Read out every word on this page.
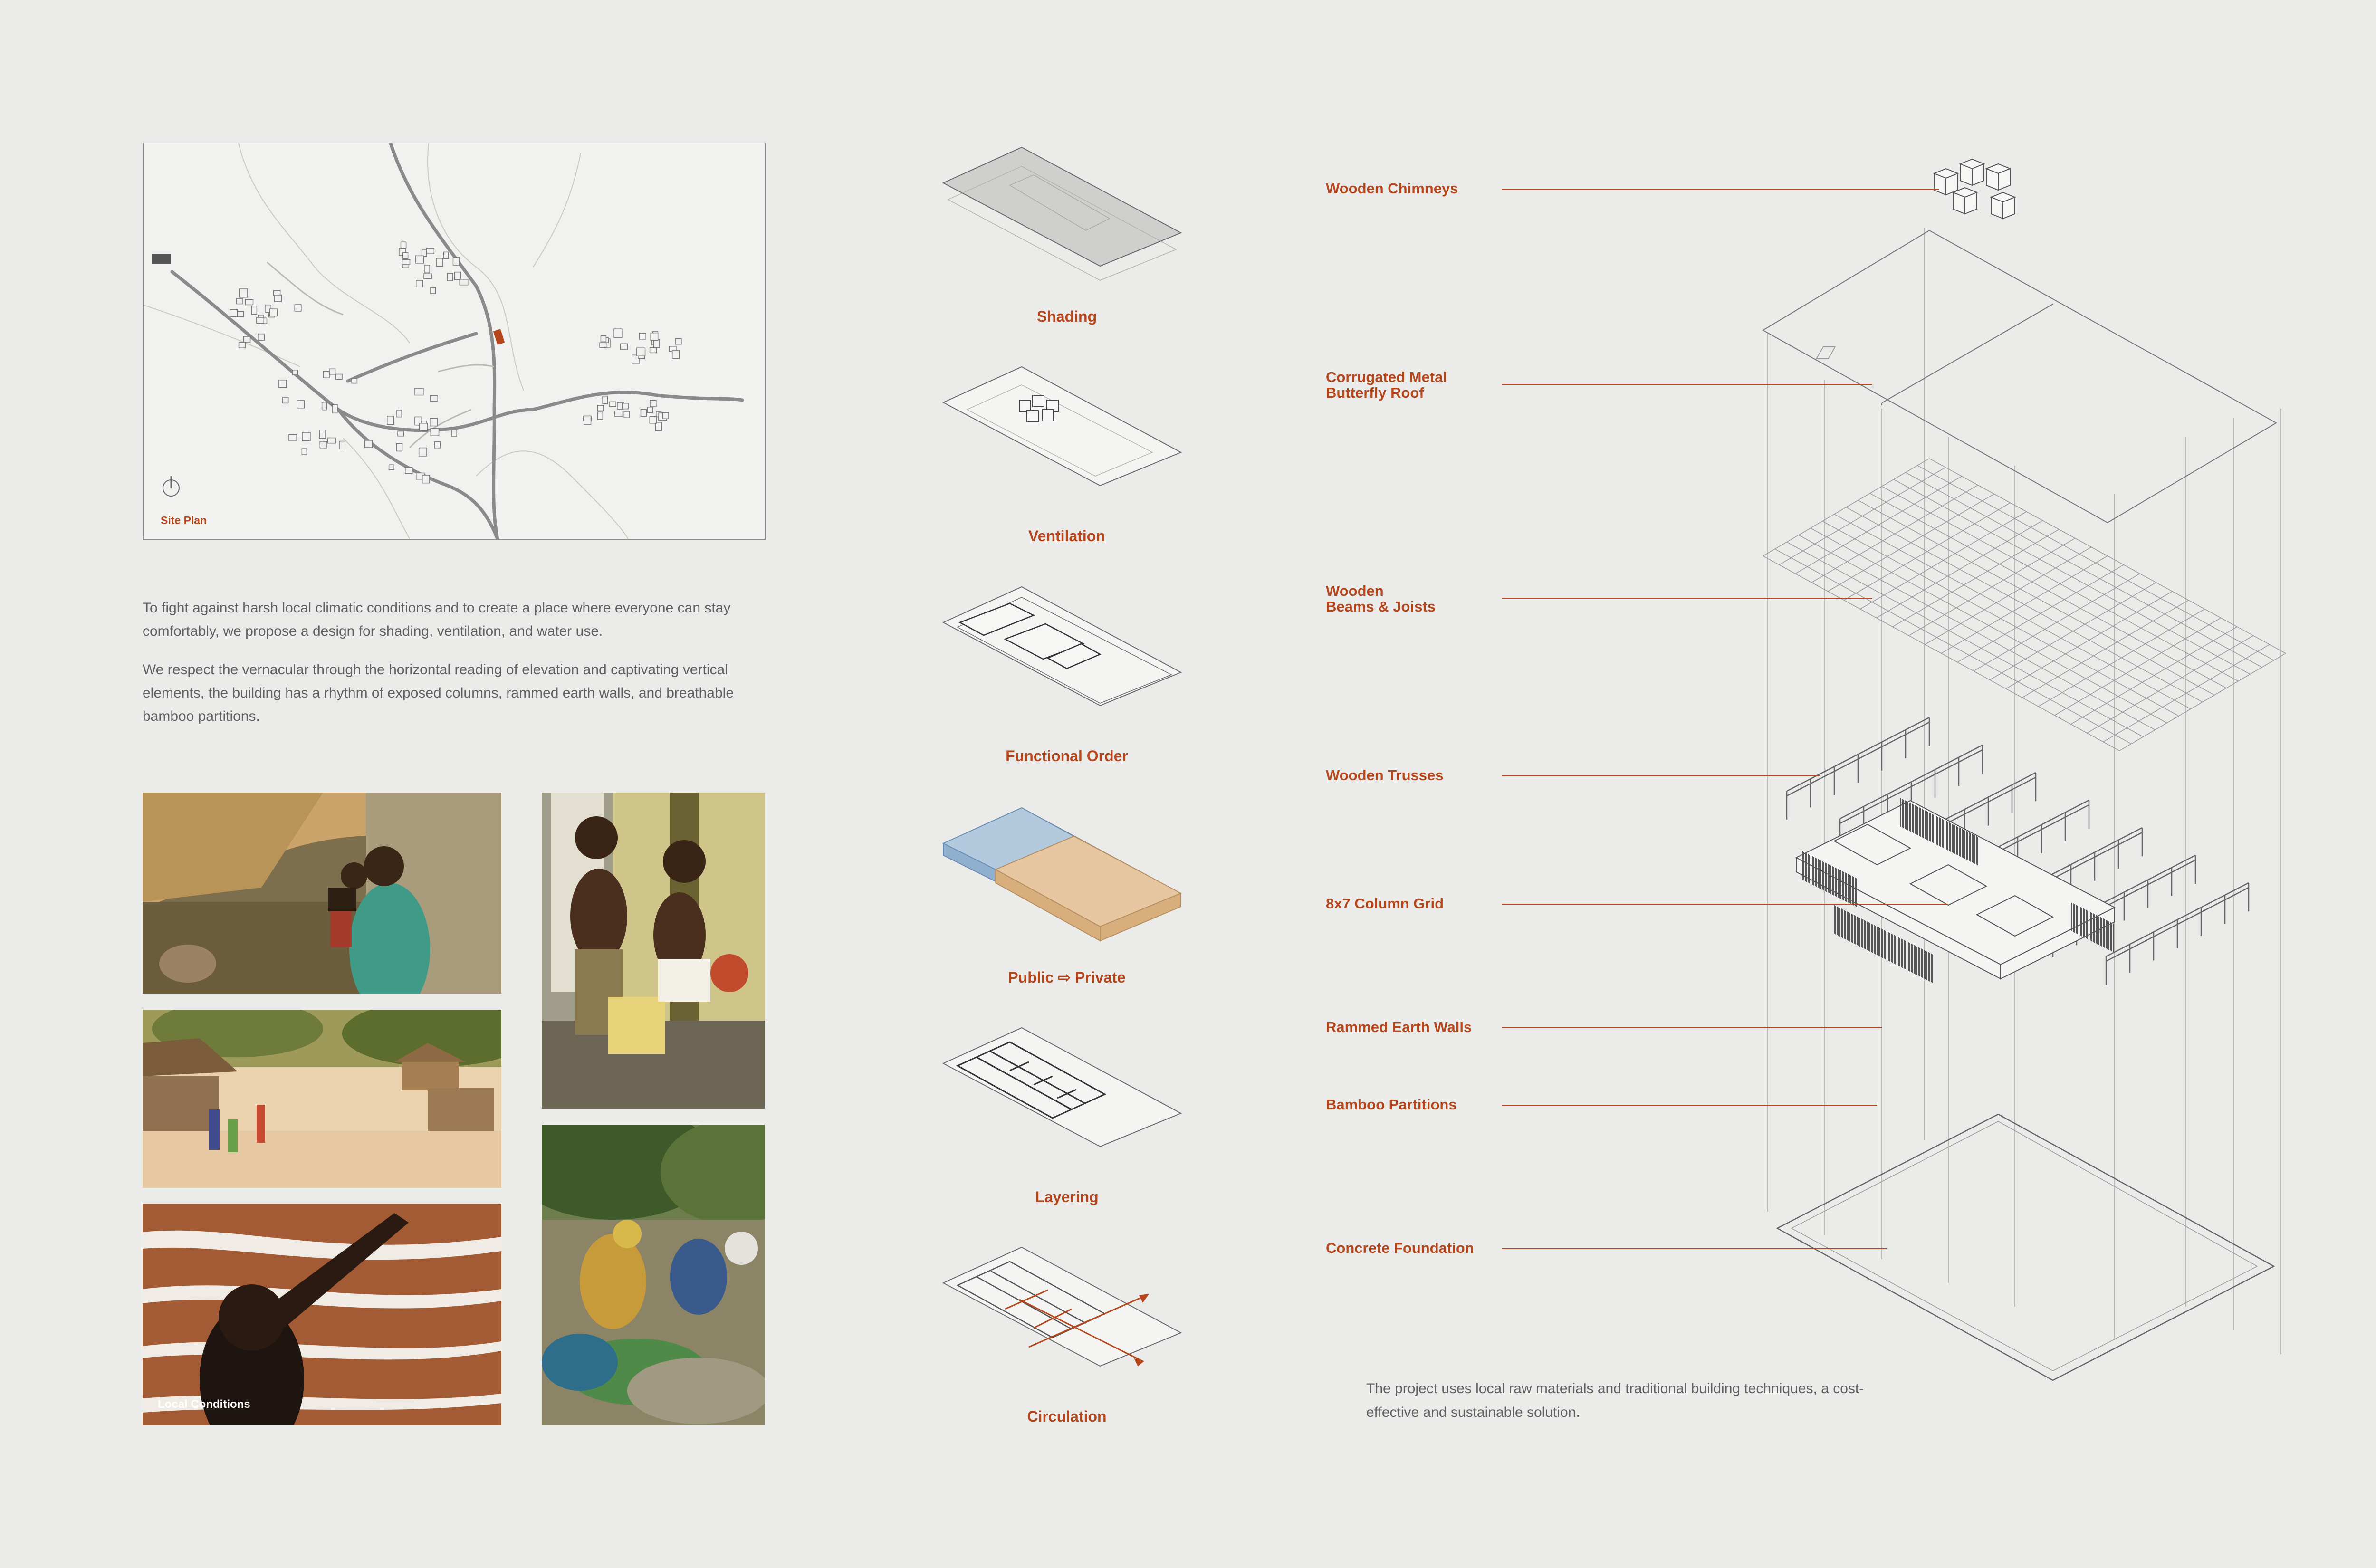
Site Plan
To fight against harsh local climatic conditions and to create a place where everyone can stay comfortably, we propose a design for shading, ventilation, and water use.
We respect the vernacular through the horizontal reading of elevation and captivating vertical elements, the building has a rhythm of exposed columns, rammed earth walls, and breathable bamboo partitions.
Local Conditions
Shading
Ventilation
Functional Order
Public ⇨ Private
Layering
Circulation
Wooden Chimneys
Corrugated Metal
Butterfly Roof
Wooden
Beams & Joists
Wooden Trusses
8x7 Column Grid
Rammed Earth Walls
Bamboo Partitions
Concrete Foundation
The project uses local raw materials and traditional building techniques, a cost-effective and sustainable solution.
